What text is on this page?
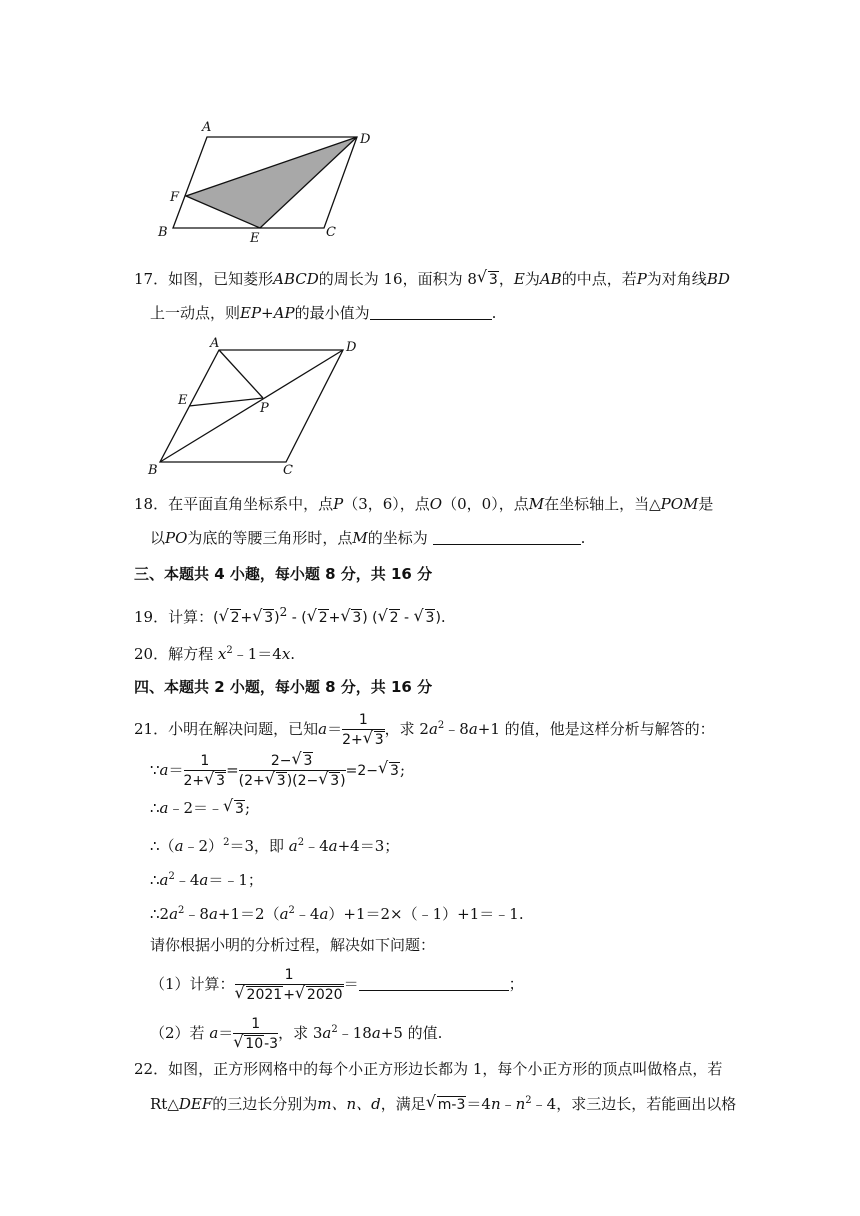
A
D
F
B	E	C
17．如图，已知菱形ABCD的周长为 16，面积为 8 √ 3，E为AB的中点，若P为对角线BD
上一动点，则EP+AP的最小值为	.
A	D
E
P
B	C
18．在平面直角坐标系中，点P（3，6），点O（0，0），点M在坐标轴上，当△POM是
以PO为底的等腰三角形时，点M的坐标为	.
三、本题共 4 小趣，每小题 8 分，共 16 分
19．计算：( √ 2+ √ 3)$^2$ - ( √ 2+ √ 3) ( √ 2 - √ 3).
20．解方程 $x^2﹣1=4x$.
四、本题共 2 小题，每小题 8 分，共 16 分
21．小明在解决问题，已知$a= \frac{1}{2+ √ 3}$ ，求 $2a^2﹣8a+1$ 的值，他是这样分析与解答的：
∵a＝ $\frac{1}{2+ √ 3} = \frac{2- √ 3}{(2+ √ 3)(2- √ 3)} =2-$ √ 3;
∴a﹣2＝﹣ √ 3;
∴（a﹣2）$^2$＝3，即 $a^2﹣4a+4=3$；
$\therefore a^2﹣4a=﹣1$；
$\therefore 2a^2﹣8a+1=2(a^2﹣4a)+1=2\times(﹣1)+1=﹣1$.
请你根据小明的分析过程，解决如下问题：
（1）计算： $\frac{1}{√ 2021+ √ 2020}$ ＝	；
（2）若 $a= \frac{1}{√ 10-3}$ ，求 $3a^2﹣18a+5$ 的值.
22．如图，正方形网格中的每个小正方形边长都为 1，每个小正方形的顶点叫做格点，若
Rt△DEF的三边长分别为m、n、d，满足 √ $m-3=4n﹣n^2﹣4$，求三边长，若能画出以格
